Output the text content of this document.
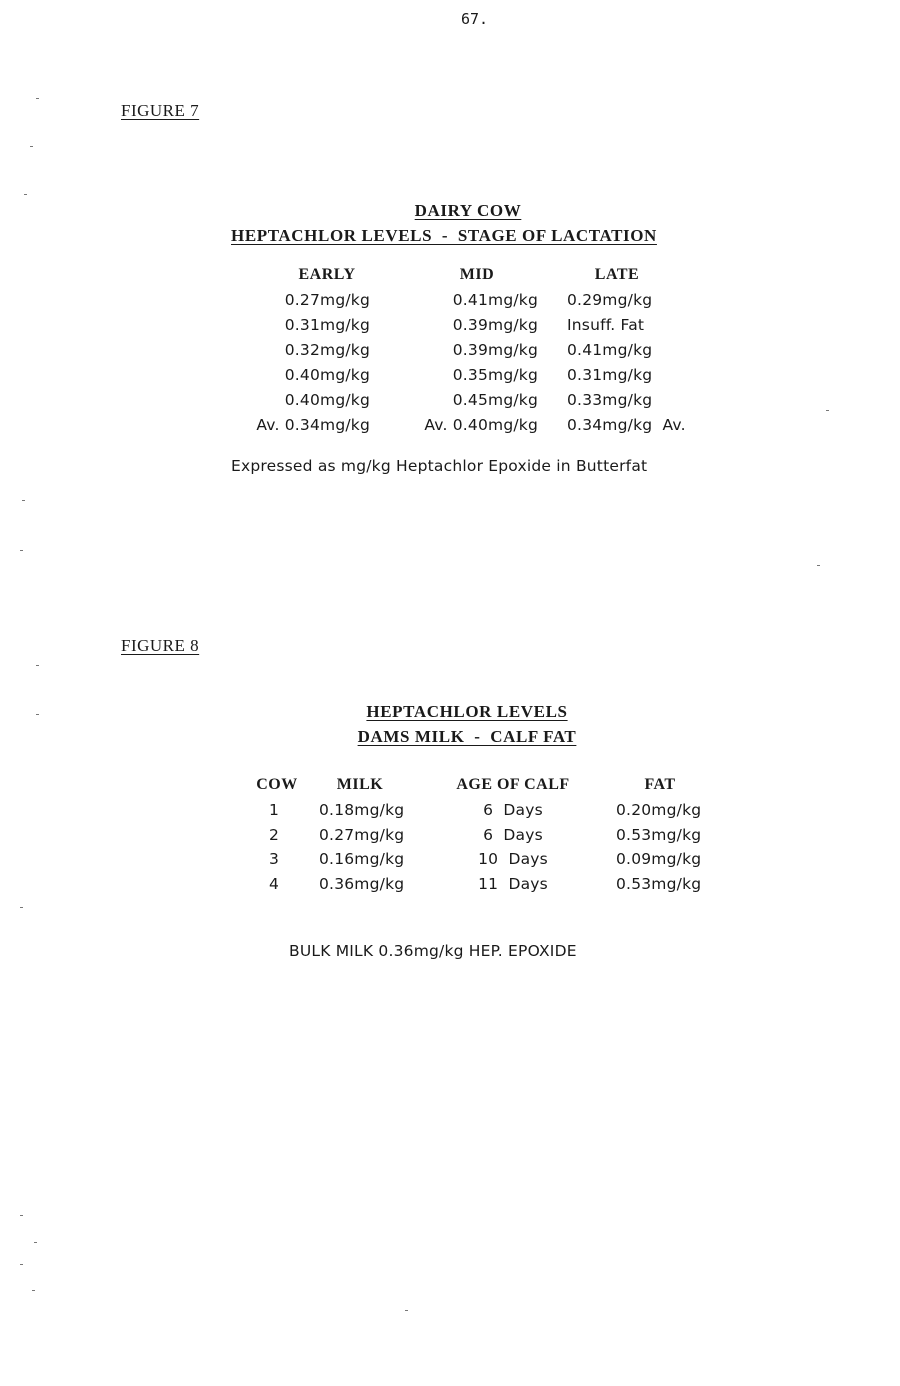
67.
FIGURE 7
DAIRY COW
HEPTACHLOR LEVELS  -  STAGE OF LACTATION
EARLY	MID	LATE
0.27mg/kg	0.41mg/kg 0.29mg/kg
0.31mg/kg	0.39mg/kg Insuff. Fat
0.32mg/kg	0.39mg/kg 0.41mg/kg
0.40mg/kg	0.35mg/kg 0.31mg/kg
0.40mg/kg	0.45mg/kg 0.33mg/kg
Av. 0.34mg/kg	Av. 0.40mg/kg 0.34mg/kg  Av.
Expressed as mg/kg Heptachlor Epoxide in Butterfat
FIGURE 8
HEPTACHLOR LEVELS
DAMS MILK  -  CALF FAT
COW	MILK	AGE OF CALF	FAT
1	0.18mg/kg	6  Days	0.20mg/kg
2	0.27mg/kg	6  Days	0.53mg/kg
3	0.16mg/kg	10  Days	0.09mg/kg
4	0.36mg/kg	11  Days	0.53mg/kg
BULK MILK 0.36mg/kg HEP. EPOXIDE
